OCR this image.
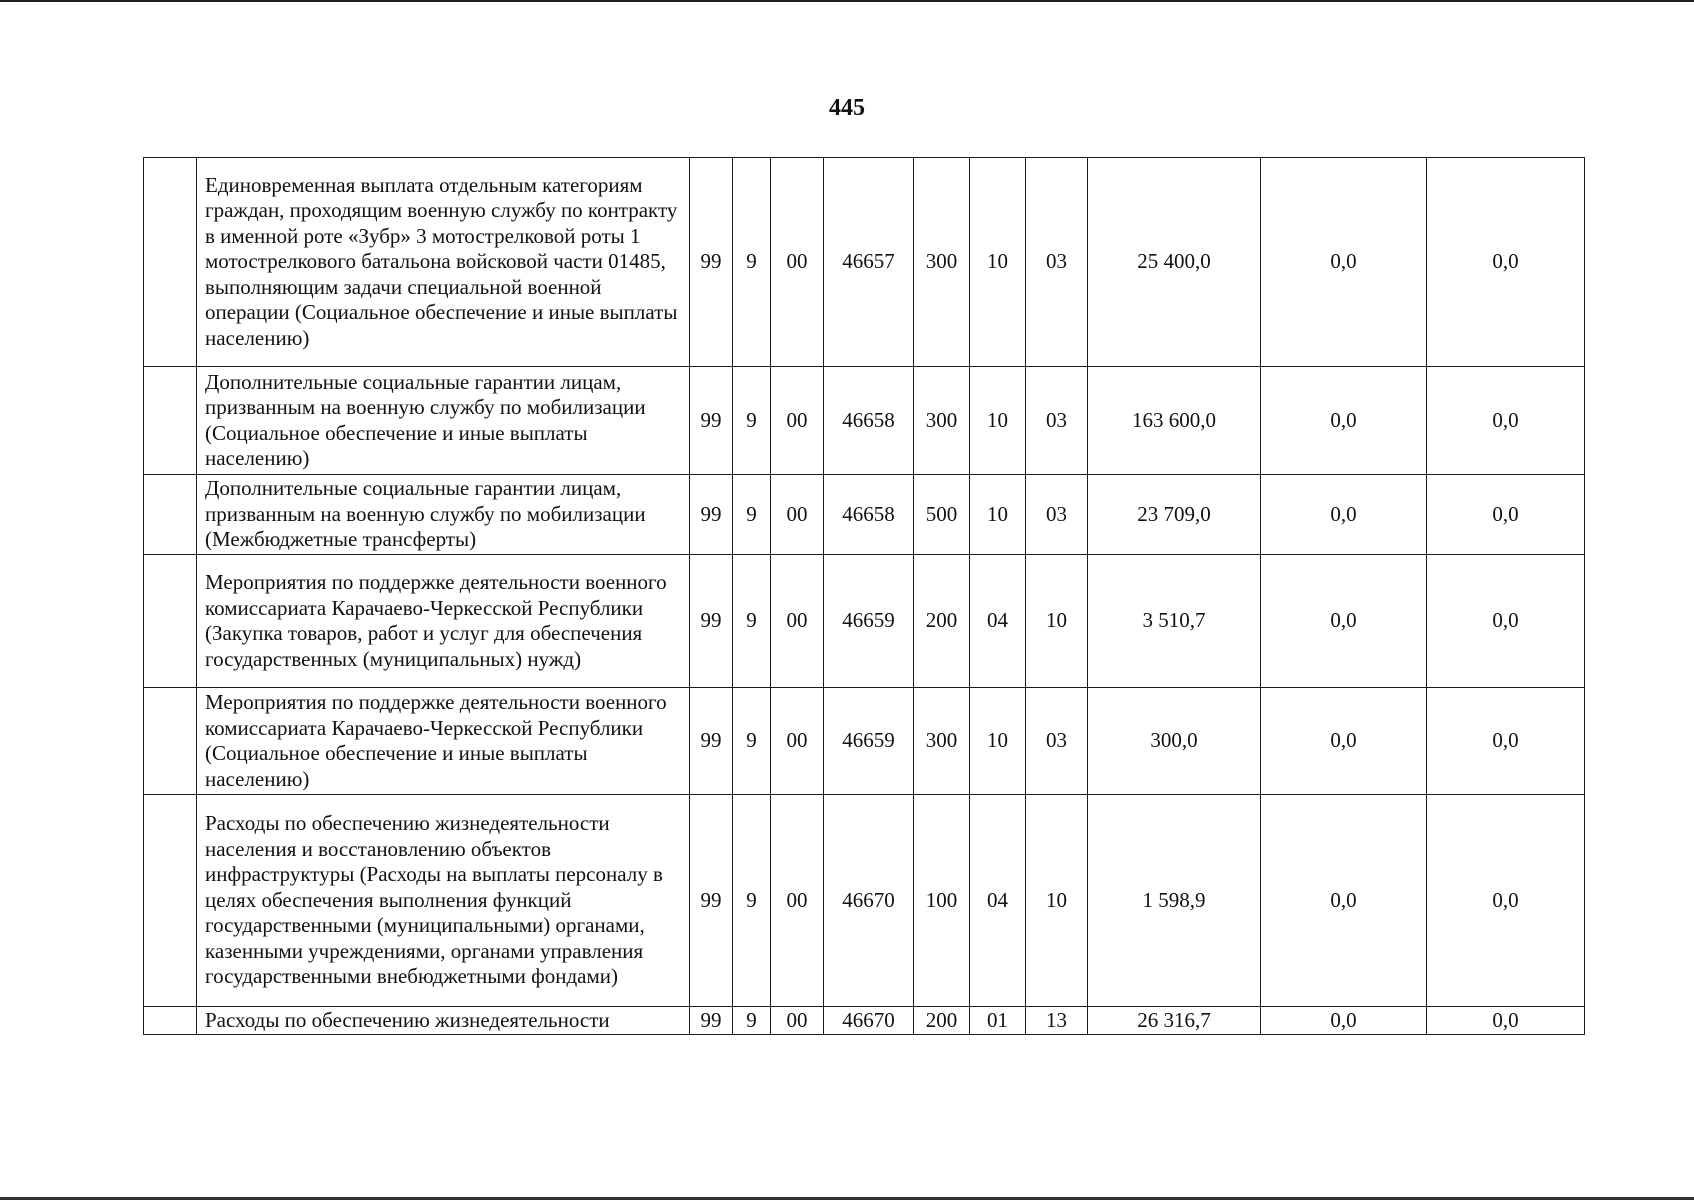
445
	Единовременная выплата отдельным категориям граждан, проходящим военную службу по контракту в именной роте «Зубр» 3 мотострелковой роты 1 мотострелкового батальона войсковой части 01485, выполняющим задачи специальной военной операции (Социальное обеспечение и иные выплаты населению)	99	9	00	46657	300	10	03	25 400,0	0,0	0,0
	Дополнительные социальные гарантии лицам, призванным на военную службу по мобилизации (Социальное обеспечение и иные выплаты населению)	99	9	00	46658	300	10	03	163 600,0	0,0	0,0
	Дополнительные социальные гарантии лицам, призванным на военную службу по мобилизации (Межбюджетные трансферты)	99	9	00	46658	500	10	03	23 709,0	0,0	0,0
	Мероприятия по поддержке деятельности военного комиссариата Карачаево-Черкесской Республики (Закупка товаров, работ и услуг для обеспечения государственных (муниципальных) нужд)	99	9	00	46659	200	04	10	3 510,7	0,0	0,0
	Мероприятия по поддержке деятельности военного комиссариата Карачаево-Черкесской Республики (Социальное обеспечение и иные выплаты населению)	99	9	00	46659	300	10	03	300,0	0,0	0,0
	Расходы по обеспечению жизнедеятельности населения и восстановлению объектов инфраструктуры (Расходы на выплаты персоналу в целях обеспечения выполнения функций государственными (муниципальными) органами, казенными учреждениями, органами управления государственными внебюджетными фондами)	99	9	00	46670	100	04	10	1 598,9	0,0	0,0
	Расходы по обеспечению жизнедеятельности	99	9	00	46670	200	01	13	26 316,7	0,0	0,0
